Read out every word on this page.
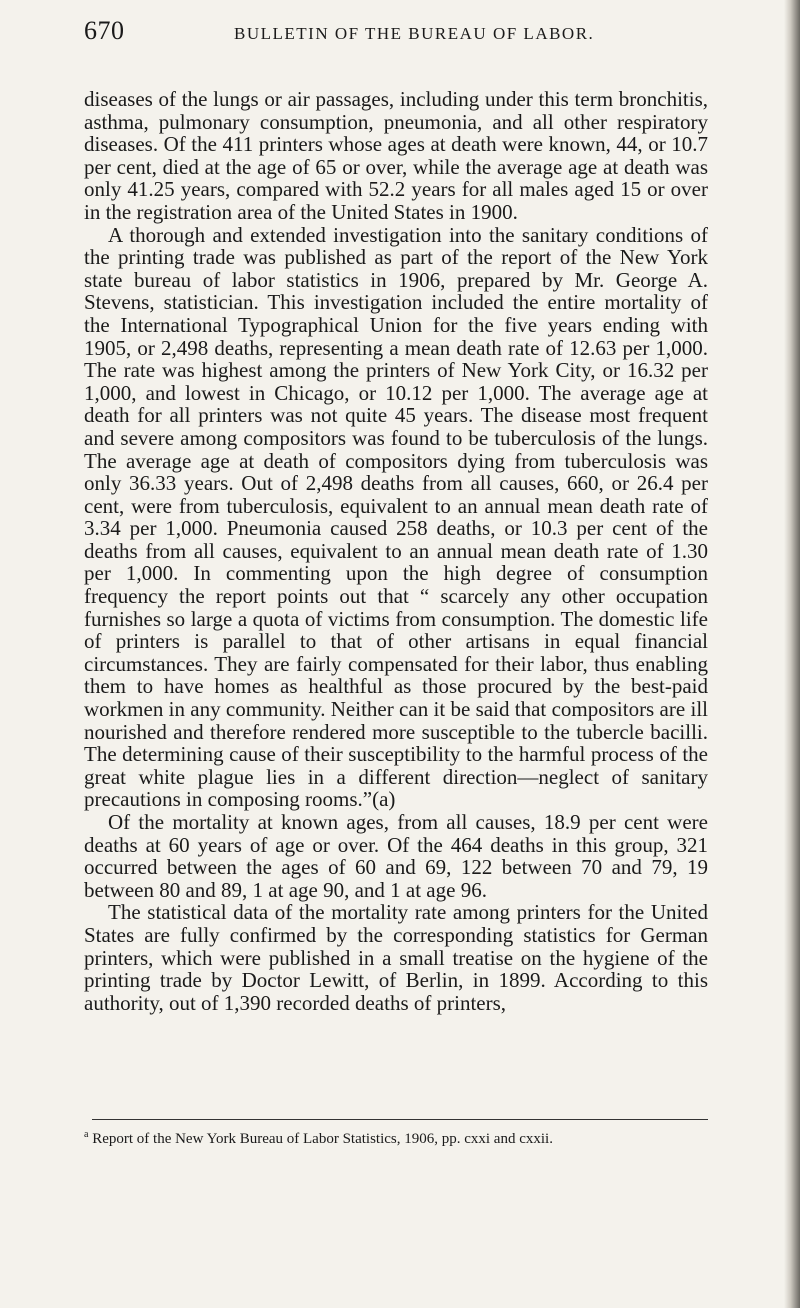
670	BULLETIN OF THE BUREAU OF LABOR.

diseases of the lungs or air passages, including under this term bronchitis, asthma, pulmonary consumption, pneumonia, and all other respiratory diseases. Of the 411 printers whose ages at death were known, 44, or 10.7 per cent, died at the age of 65 or over, while the average age at death was only 41.25 years, compared with 52.2 years for all males aged 15 or over in the registration area of the United States in 1900.

A thorough and extended investigation into the sanitary conditions of the printing trade was published as part of the report of the New York state bureau of labor statistics in 1906, prepared by Mr. George A. Stevens, statistician. This investigation included the entire mortality of the International Typographical Union for the five years ending with 1905, or 2,498 deaths, representing a mean death rate of 12.63 per 1,000. The rate was highest among the printers of New York City, or 16.32 per 1,000, and lowest in Chicago, or 10.12 per 1,000. The average age at death for all printers was not quite 45 years. The disease most frequent and severe among compositors was found to be tuberculosis of the lungs. The average age at death of compositors dying from tuberculosis was only 36.33 years. Out of 2,498 deaths from all causes, 660, or 26.4 per cent, were from tuberculosis, equivalent to an annual mean death rate of 3.34 per 1,000. Pneumonia caused 258 deaths, or 10.3 per cent of the deaths from all causes, equivalent to an annual mean death rate of 1.30 per 1,000. In commenting upon the high degree of consumption frequency the report points out that “ scarcely any other occupation furnishes so large a quota of victims from consumption. The domestic life of printers is parallel to that of other artisans in equal financial circumstances. They are fairly compensated for their labor, thus enabling them to have homes as healthful as those procured by the best-paid workmen in any community. Neither can it be said that compositors are ill nourished and therefore rendered more susceptible to the tubercle bacilli. The determining cause of their susceptibility to the harmful process of the great white plague lies in a different direction—neglect of sanitary precautions in composing rooms.”(a)

Of the mortality at known ages, from all causes, 18.9 per cent were deaths at 60 years of age or over. Of the 464 deaths in this group, 321 occurred between the ages of 60 and 69, 122 between 70 and 79, 19 between 80 and 89, 1 at age 90, and 1 at age 96.

The statistical data of the mortality rate among printers for the United States are fully confirmed by the corresponding statistics for German printers, which were published in a small treatise on the hygiene of the printing trade by Doctor Lewitt, of Berlin, in 1899. According to this authority, out of 1,390 recorded deaths of printers,

$^a$ Report of the New York Bureau of Labor Statistics, 1906, pp. cxxi and cxxii.
